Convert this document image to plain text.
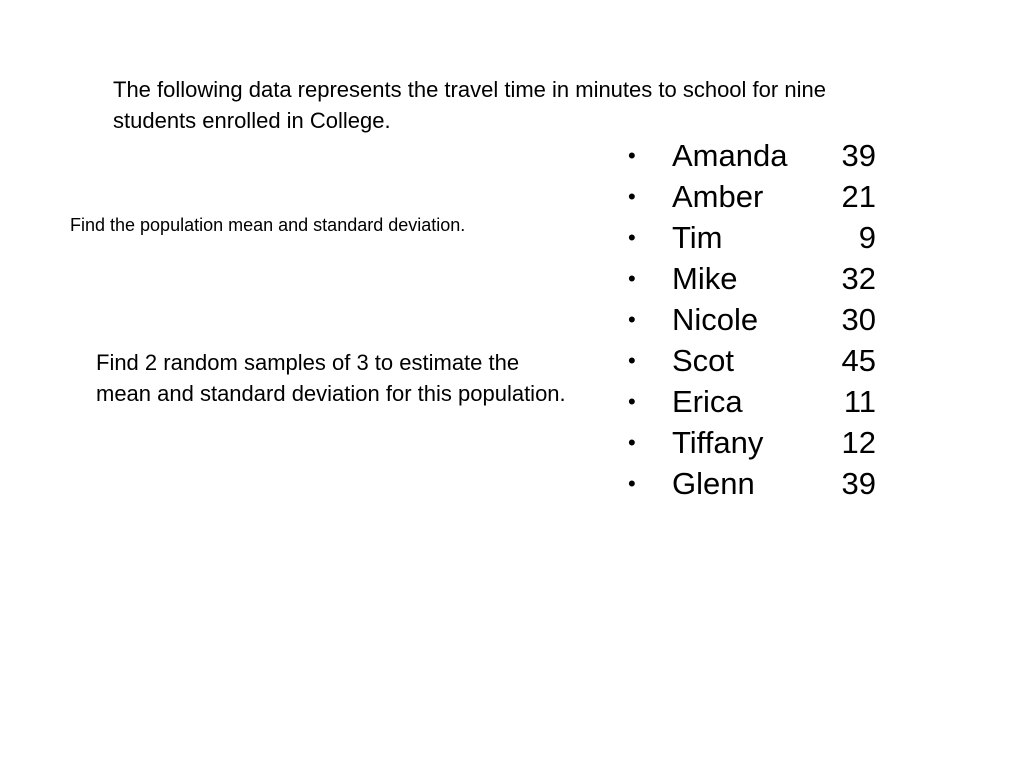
The following data represents the travel time in minutes to school for nine students enrolled in College.

Find the population mean and standard deviation.

Find 2 random samples of 3 to estimate the mean and standard deviation for this population.

•	Amanda 39
•	Amber	21
•	Tim	9
•	Mike	32
•	Nicole	30
•	Scot	45
•	Erica	11
•	Tiffany	12
•	Glenn	39
